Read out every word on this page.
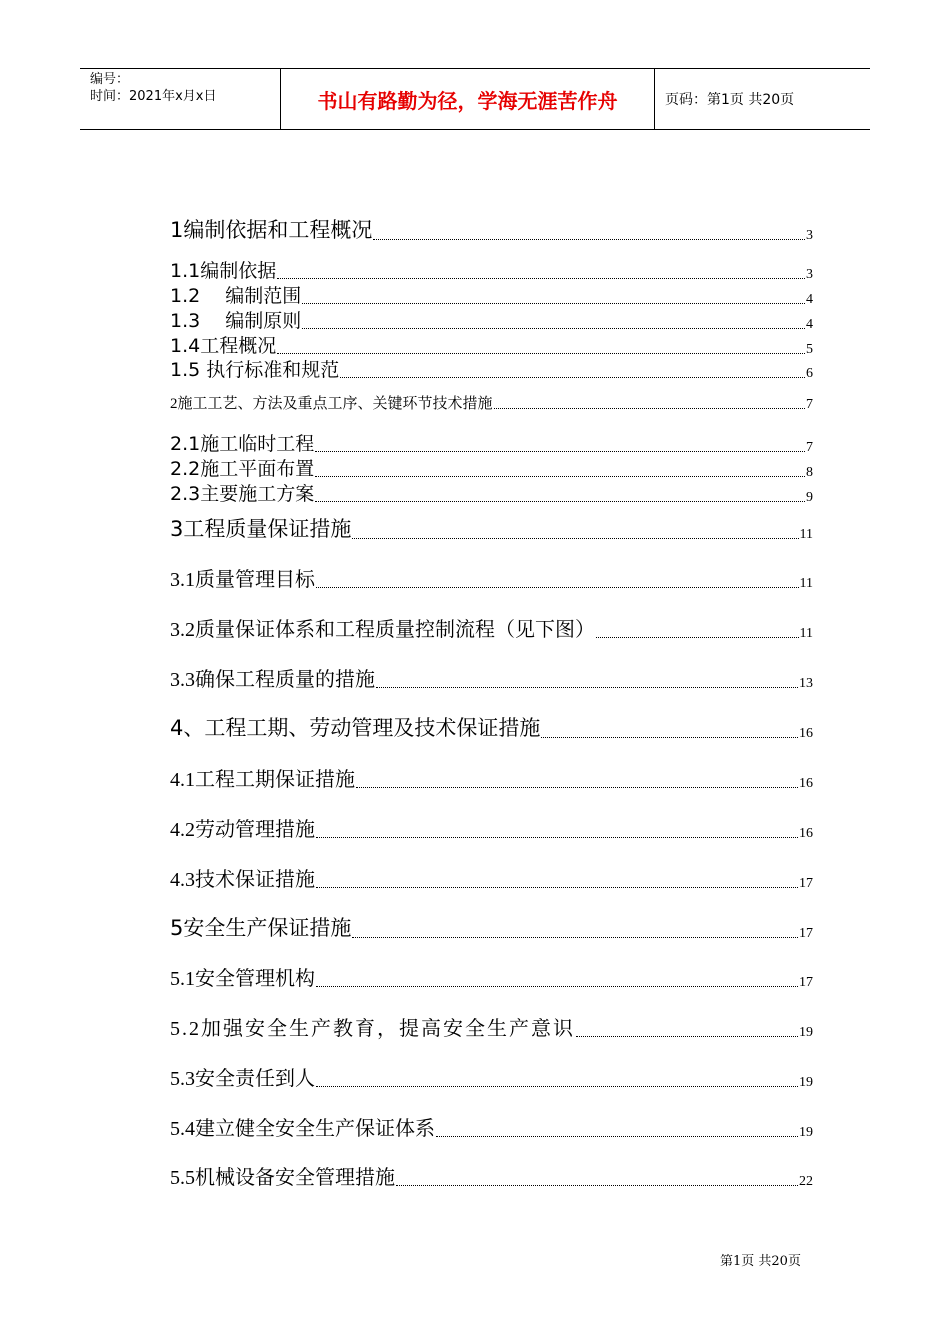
编号：
时间：2021年x月x日	书山有路勤为径，学海无涯苦作舟	页码：第1页 共20页
1编制依据和工程概况	3
1.1编制依据	3
1.2　 编制范围	4
1.3　 编制原则	4
1.4工程概况	5
1.5 执行标准和规范	6
2施工工艺、方法及重点工序、关键环节技术措施	7
2.1施工临时工程	7
2.2施工平面布置	8
2.3主要施工方案	9
3工程质量保证措施	11
3.1质量管理目标	11
3.2质量保证体系和工程质量控制流程（见下图）	11
3.3确保工程质量的措施	13
4、工程工期、劳动管理及技术保证措施	16
4.1工程工期保证措施	16
4.2劳动管理措施	16
4.3技术保证措施	17
5安全生产保证措施	17
5.1安全管理机构	17
5.2加强安全生产教育，提高安全生产意识	19
5.3安全责任到人	19
5.4建立健全安全生产保证体系	19
5.5机械设备安全管理措施	22
第1页 共20页
